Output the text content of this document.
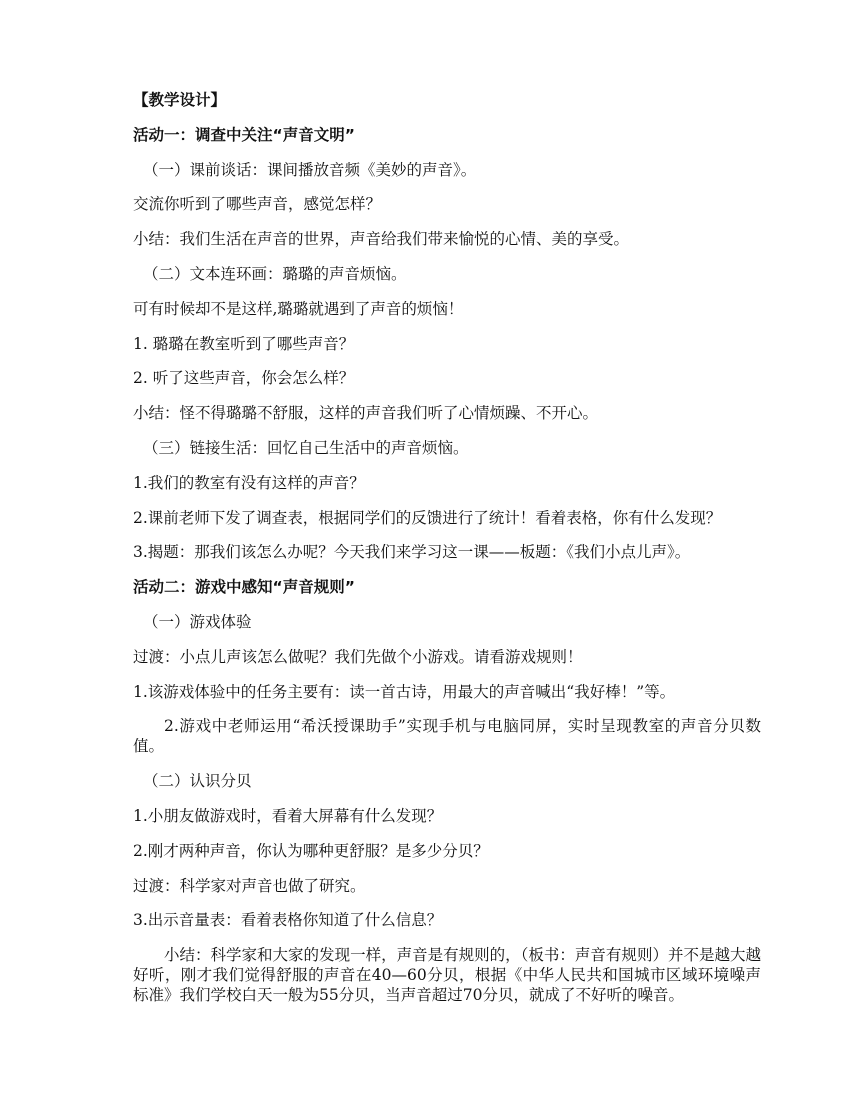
【教学设计】

活动一：调查中关注“声音文明”

（一）课前谈话：课间播放音频《美妙的声音》。

交流你听到了哪些声音，感觉怎样？

小结：我们生活在声音的世界，声音给我们带来愉悦的心情、美的享受。

（二）文本连环画：璐璐的声音烦恼。

可有时候却不是这样,璐璐就遇到了声音的烦恼！

1. 璐璐在教室听到了哪些声音？

2. 听了这些声音，你会怎么样？

小结：怪不得璐璐不舒服，这样的声音我们听了心情烦躁、不开心。

（三）链接生活：回忆自己生活中的声音烦恼。

1.我们的教室有没有这样的声音？

2.课前老师下发了调查表，根据同学们的反馈进行了统计！看着表格，你有什么发现？

3.揭题：那我们该怎么办呢？今天我们来学习这一课——板题：《我们小点儿声》。

活动二：游戏中感知“声音规则”

（一）游戏体验

过渡：小点儿声该怎么做呢？我们先做个小游戏。请看游戏规则！

1.该游戏体验中的任务主要有：读一首古诗，用最大的声音喊出“我好棒！”等。

2.游戏中老师运用“希沃授课助手”实现手机与电脑同屏，实时呈现教室的声音分贝数值。

（二）认识分贝

1.小朋友做游戏时，看着大屏幕有什么发现？

2.刚才两种声音，你认为哪种更舒服？是多少分贝？

过渡：科学家对声音也做了研究。

3.出示音量表：看着表格你知道了什么信息？

小结：科学家和大家的发现一样，声音是有规则的，（板书：声音有规则）并不是越大越好听，刚才我们觉得舒服的声音在40—60分贝，根据《中华人民共和国城市区域环境噪声标准》我们学校白天一般为55分贝，当声音超过70分贝，就成了不好听的噪音。
